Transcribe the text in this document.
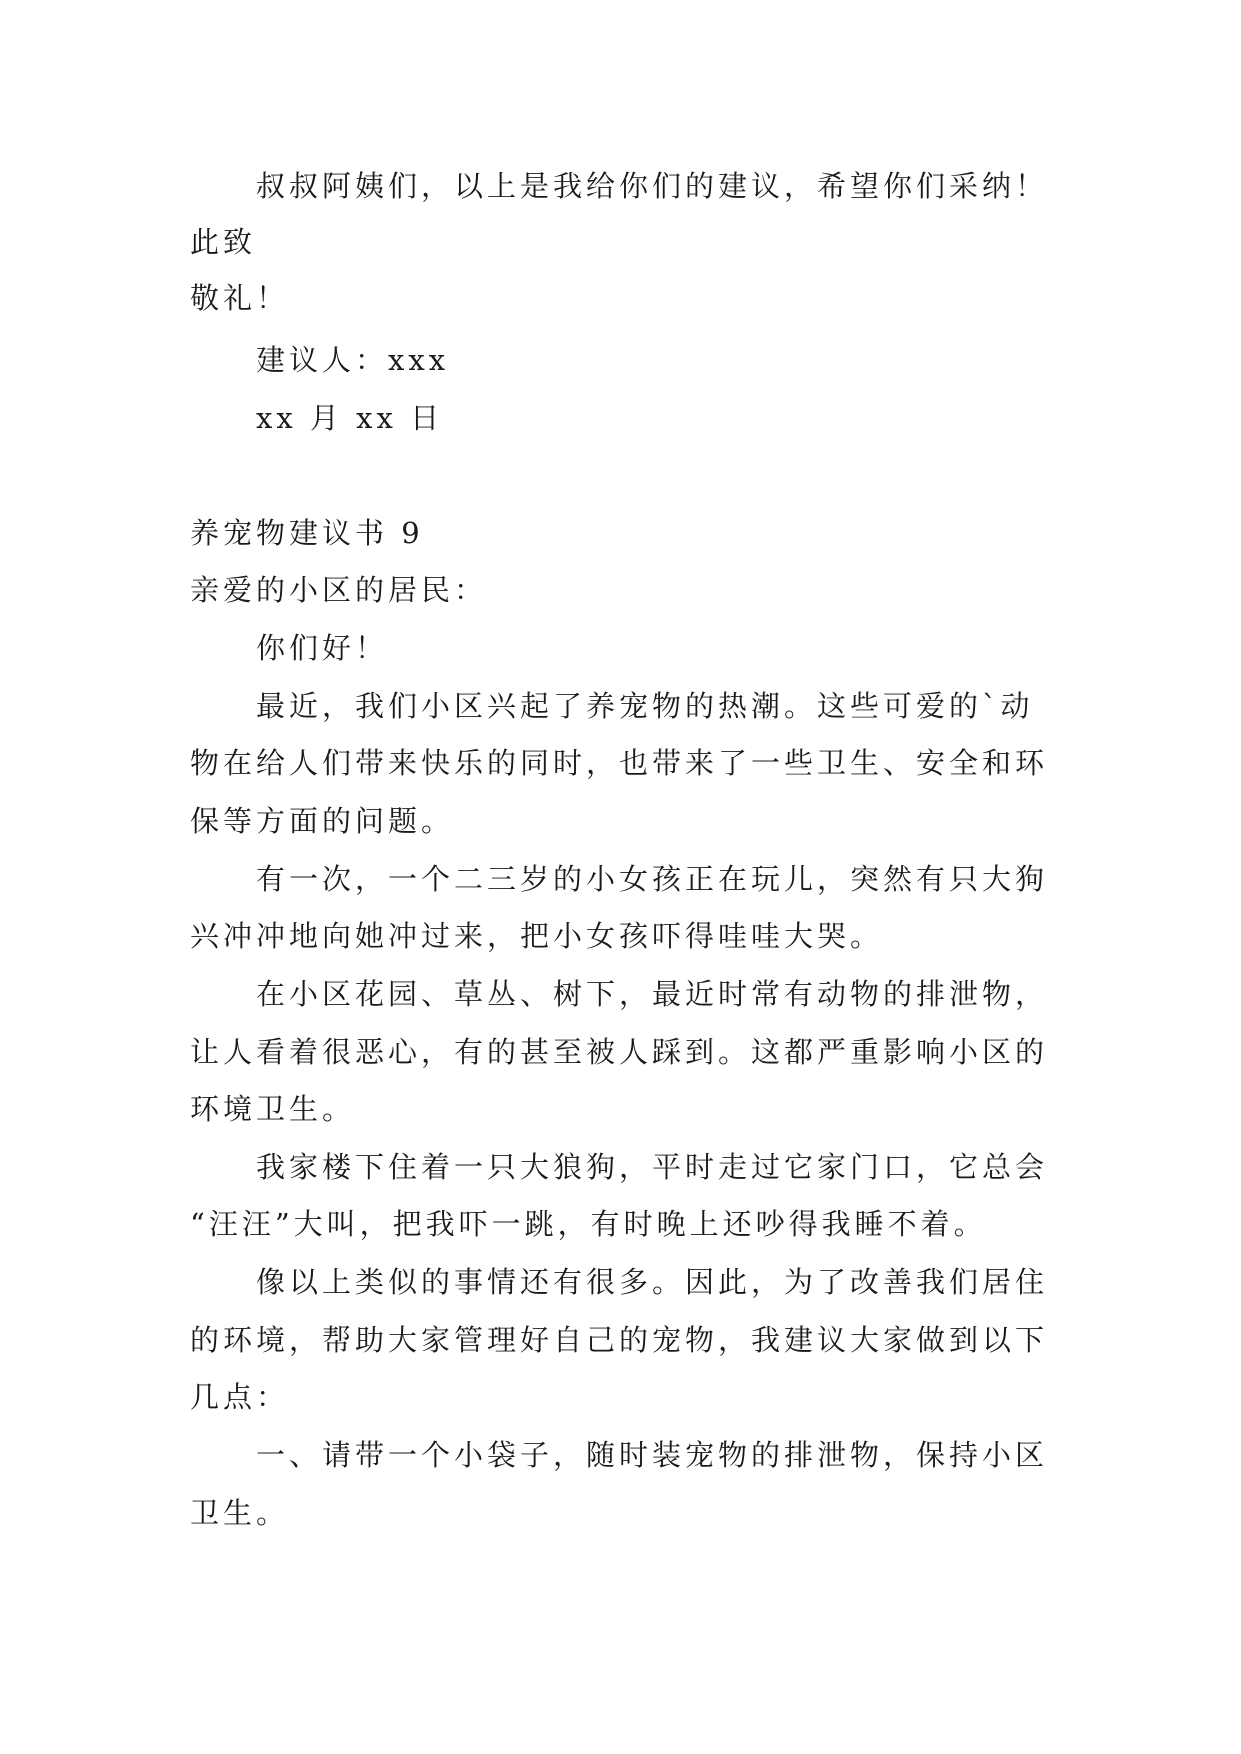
叔叔阿姨们，以上是我给你们的建议，希望你们采纳！
此致
敬礼！
建议人：xxx
xx 月 xx 日
养宠物建议书 9
亲爱的小区的居民：
你们好！
最近，我们小区兴起了养宠物的热潮。这些可爱的`动
物在给人们带来快乐的同时，也带来了一些卫生、安全和环
保等方面的问题。
有一次，一个二三岁的小女孩正在玩儿，突然有只大狗
兴冲冲地向她冲过来，把小女孩吓得哇哇大哭。
在小区花园、草丛、树下，最近时常有动物的排泄物，
让人看着很恶心，有的甚至被人踩到。这都严重影响小区的
环境卫生。
我家楼下住着一只大狼狗，平时走过它家门口，它总会
“汪汪”大叫，把我吓一跳，有时晚上还吵得我睡不着。
像以上类似的事情还有很多。因此，为了改善我们居住
的环境，帮助大家管理好自己的宠物，我建议大家做到以下
几点：
一、请带一个小袋子，随时装宠物的排泄物，保持小区
卫生。
